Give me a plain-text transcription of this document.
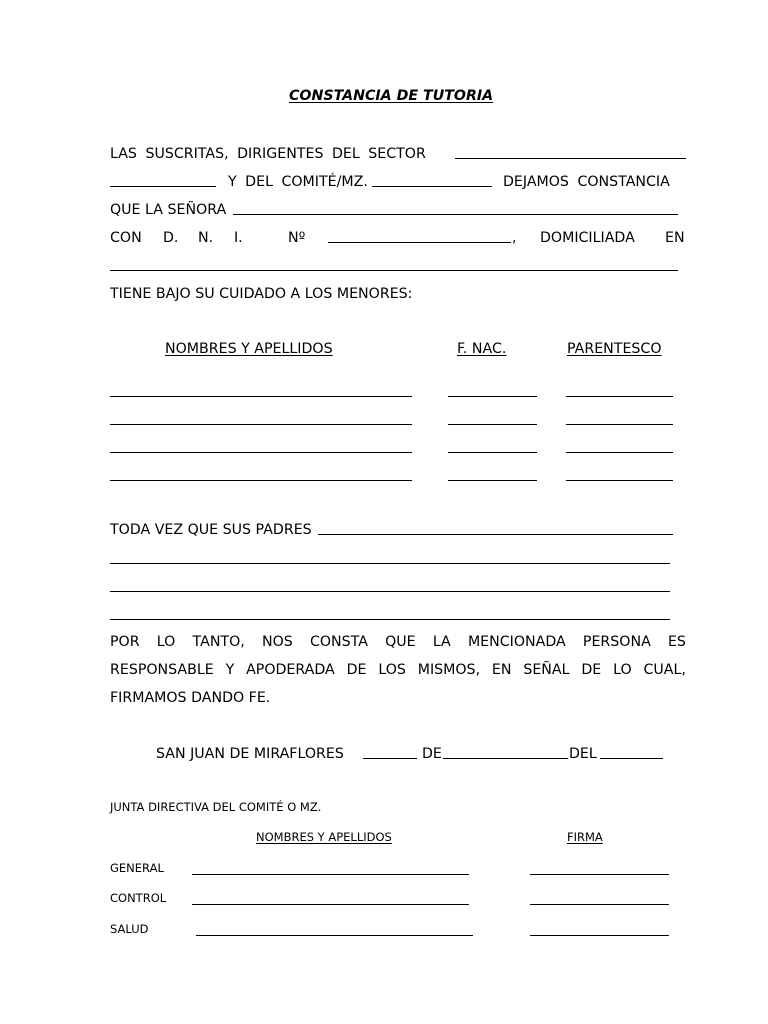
CONSTANCIA DE TUTORIA
LAS SUSCRITAS, DIRIGENTES DEL SECTOR
Y DEL COMITÉ/MZ.	DEJAMOS CONSTANCIA
QUE LA SEÑORA
CON D. N. I.	Nº	, DOMICILIADA EN
TIENE BAJO SU CUIDADO A LOS MENORES:
NOMBRES Y APELLIDOS	F. NAC.	PARENTESCO
TODA VEZ QUE SUS PADRES
POR LO TANTO, NOS CONSTA QUE LA MENCIONADA PERSONA ES
RESPONSABLE Y APODERADA DE LOS MISMOS, EN SEÑAL DE LO CUAL,
FIRMAMOS DANDO FE.
SAN JUAN DE MIRAFLORES	DE	DEL
JUNTA DIRECTIVA DEL COMITÉ O MZ.
NOMBRES Y APELLIDOS	FIRMA
GENERAL
CONTROL
SALUD
